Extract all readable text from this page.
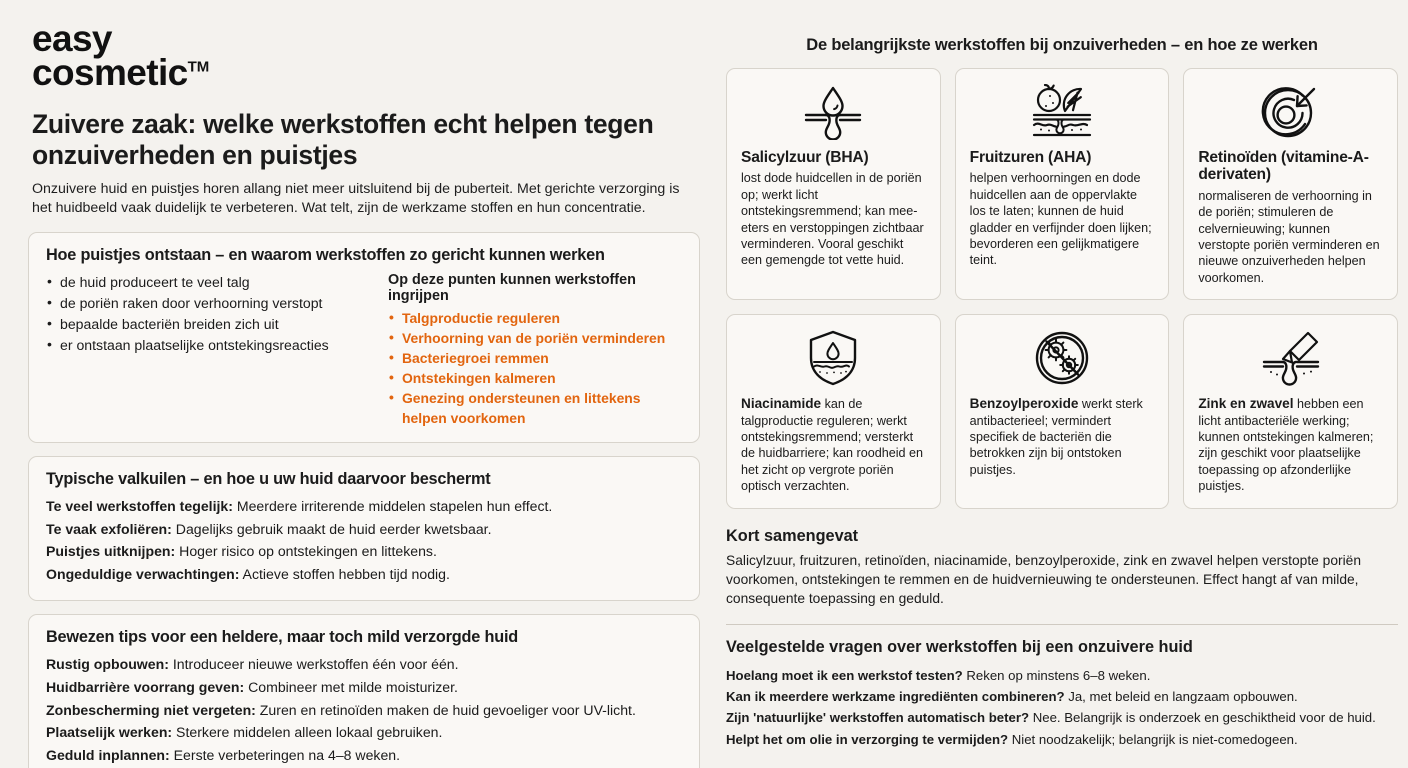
easy
cosmetic™
Zuivere zaak: welke werkstoffen echt helpen tegen onzuiverheden en puistjes

Onzuivere huid en puistjes horen allang niet meer uitsluitend bij de puberteit. Met gerichte verzorging is het huidbeeld vaak duidelijk te verbeteren. Wat telt, zijn de werkzame stoffen en hun concentratie.

Hoe puistjes ontstaan – en waarom werkstoffen zo gericht kunnen werken
• de huid produceert te veel talg
• de poriën raken door verhoorning verstopt
• bepaalde bacteriën breiden zich uit
• er ontstaan plaatselijke ontstekingsreacties
Op deze punten kunnen werkstoffen ingrijpen
• Talgproductie reguleren
• Verhoorning van de poriën verminderen
• Bacteriegroei remmen
• Ontstekingen kalmeren
• Genezing ondersteunen en littekens helpen voorkomen
Typische valkuilen – en hoe u uw huid daarvoor beschermt

Te veel werkstoffen tegelijk: Meerdere irriterende middelen stapelen hun effect.

Te vaak exfoliëren: Dagelijks gebruik maakt de huid eerder kwetsbaar.

Puistjes uitknijpen: Hoger risico op ontstekingen en littekens.

Ongeduldige verwachtingen: Actieve stoffen hebben tijd nodig.

Bewezen tips voor een heldere, maar toch mild verzorgde huid

Rustig opbouwen: Introduceer nieuwe werkstoffen één voor één.

Huidbarrière voorrang geven: Combineer met milde moisturizer.

Zonbescherming niet vergeten: Zuren en retinoïden maken de huid gevoeliger voor UV-licht.

Plaatselijk werken: Sterkere middelen alleen lokaal gebruiken.

Geduld inplannen: Eerste verbeteringen na 4–8 weken.

De belangrijkste werkstoffen bij onzuiverheden – en hoe ze werken
Salicylzuur (BHA)

lost dode huidcellen in de poriën op; werkt licht ontstekingsremmend; kan mee-eters en verstoppingen zichtbaar verminderen. Vooral geschikt een gemengde tot vette huid.

Fruitzuren (AHA)

helpen verhoorningen en dode huidcellen aan de oppervlakte los te laten; kunnen de huid gladder en verfijnder doen lijken; bevorderen een gelijkmatigere teint.

Retinoïden (vitamine-A-derivaten)

normaliseren de verhoorning in de poriën; stimuleren de celvernieuwing; kunnen verstopte poriën verminderen en nieuwe onzuiverheden helpen voorkomen.

Niacinamide kan de talgproductie reguleren; werkt ontstekingsremmend; versterkt de huidbarriere; kan roodheid en het zicht op vergrote poriën optisch verzachten.

Benzoylperoxide werkt sterk antibacterieel; vermindert specifiek de bacteriën die betrokken zijn bij ontstoken puistjes.

Zink en zwavel hebben een licht antibacteriële werking; kunnen ontstekingen kalmeren; zijn geschikt voor plaatselijke toepassing op afzonderlijke puistjes.

Kort samengevat

Salicylzuur, fruitzuren, retinoïden, niacinamide, benzoylperoxide, zink en zwavel helpen verstopte poriën voorkomen, ontstekingen te remmen en de huidvernieuwing te ondersteunen. Effect hangt af van milde, consequente toepassing en geduld.

Veelgestelde vragen over werkstoffen bij een onzuivere huid

Hoelang moet ik een werkstof testen? Reken op minstens 6–8 weken.

Kan ik meerdere werkzame ingrediënten combineren? Ja, met beleid en langzaam opbouwen.

Zijn 'natuurlijke' werkstoffen automatisch beter? Nee. Belangrijk is onderzoek en geschiktheid voor de huid.

Helpt het om olie in verzorging te vermijden? Niet noodzakelijk; belangrijk is niet-comedogeen.
